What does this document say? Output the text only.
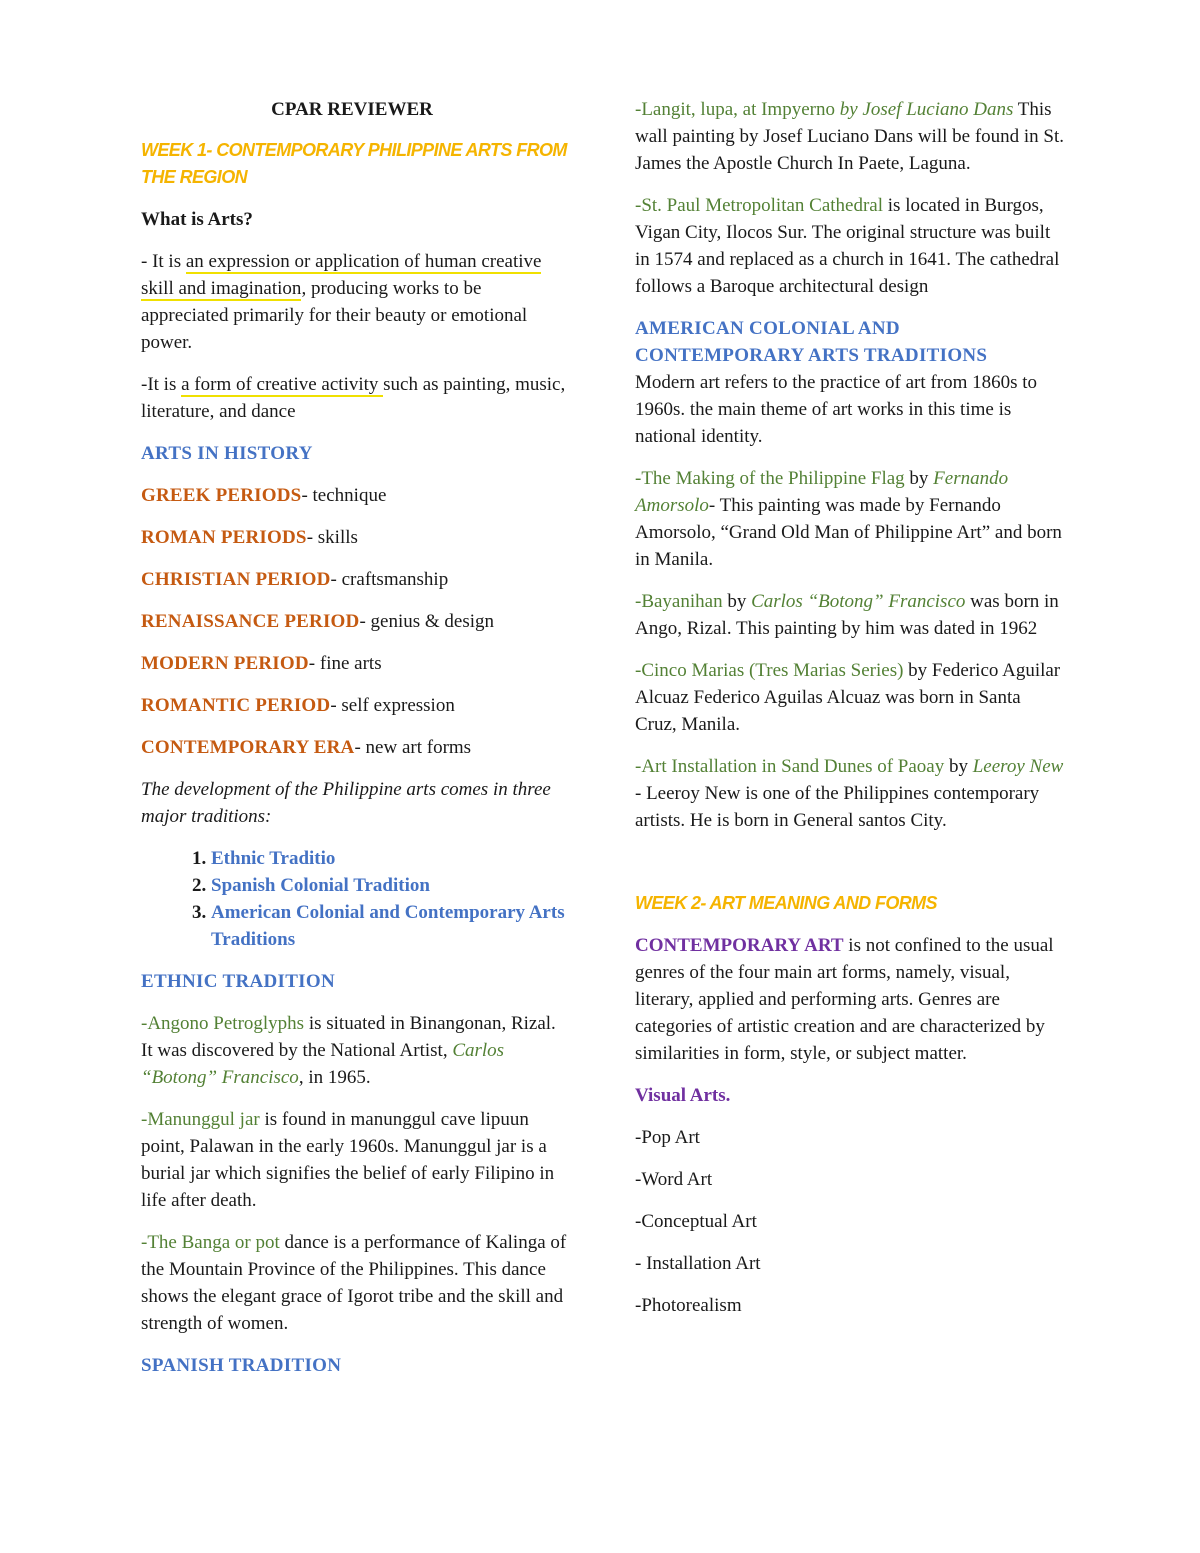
CPAR REVIEWER

WEEK 1- CONTEMPORARY PHILIPPINE ARTS FROM THE REGION

What is Arts?

- It is an expression or application of human creative skill and imagination, producing works to be appreciated primarily for their beauty or emotional power.

-It is a form of creative activity such as painting, music, literature, and dance

ARTS IN HISTORY

GREEK PERIODS- technique

ROMAN PERIODS- skills

CHRISTIAN PERIOD- craftsmanship

RENAISSANCE PERIOD- genius & design

MODERN PERIOD- fine arts

ROMANTIC PERIOD- self expression

CONTEMPORARY ERA- new art forms

The development of the Philippine arts comes in three major traditions:

1. Ethnic Traditio
2. Spanish Colonial Tradition
3. American Colonial and Contemporary Arts Traditions

ETHNIC TRADITION

-Angono Petroglyphs is situated in Binangonan, Rizal. It was discovered by the National Artist, Carlos “Botong” Francisco, in 1965.

-Manunggul jar is found in manunggul cave lipuun point, Palawan in the early 1960s. Manunggul jar is a burial jar which signifies the belief of early Filipino in life after death.

-The Banga or pot dance is a performance of Kalinga of the Mountain Province of the Philippines. This dance shows the elegant grace of Igorot tribe and the skill and strength of women.

SPANISH TRADITION

-Langit, lupa, at Impyerno by Josef Luciano Dans This wall painting by Josef Luciano Dans will be found in St. James the Apostle Church In Paete, Laguna.

-St. Paul Metropolitan Cathedral is located in Burgos, Vigan City, Ilocos Sur. The original structure was built in 1574 and replaced as a church in 1641. The cathedral follows a Baroque architectural design

AMERICAN COLONIAL AND CONTEMPORARY ARTS TRADITIONS

Modern art refers to the practice of art from 1860s to 1960s. the main theme of art works in this time is national identity.

-The Making of the Philippine Flag by Fernando Amorsolo- This painting was made by Fernando Amorsolo, “Grand Old Man of Philippine Art” and born in Manila.

-Bayanihan by Carlos “Botong” Francisco was born in Ango, Rizal. This painting by him was dated in 1962

-Cinco Marias (Tres Marias Series) by Federico Aguilar Alcuaz Federico Aguilas Alcuaz was born in Santa Cruz, Manila.

-Art Installation in Sand Dunes of Paoay by Leeroy New - Leeroy New is one of the Philippines contemporary artists. He is born in General santos City.

WEEK 2- ART MEANING AND FORMS

CONTEMPORARY ART is not confined to the usual genres of the four main art forms, namely, visual, literary, applied and performing arts. Genres are categories of artistic creation and are characterized by similarities in form, style, or subject matter.

Visual Arts.

-Pop Art

-Word Art

-Conceptual Art

- Installation Art

-Photorealism
